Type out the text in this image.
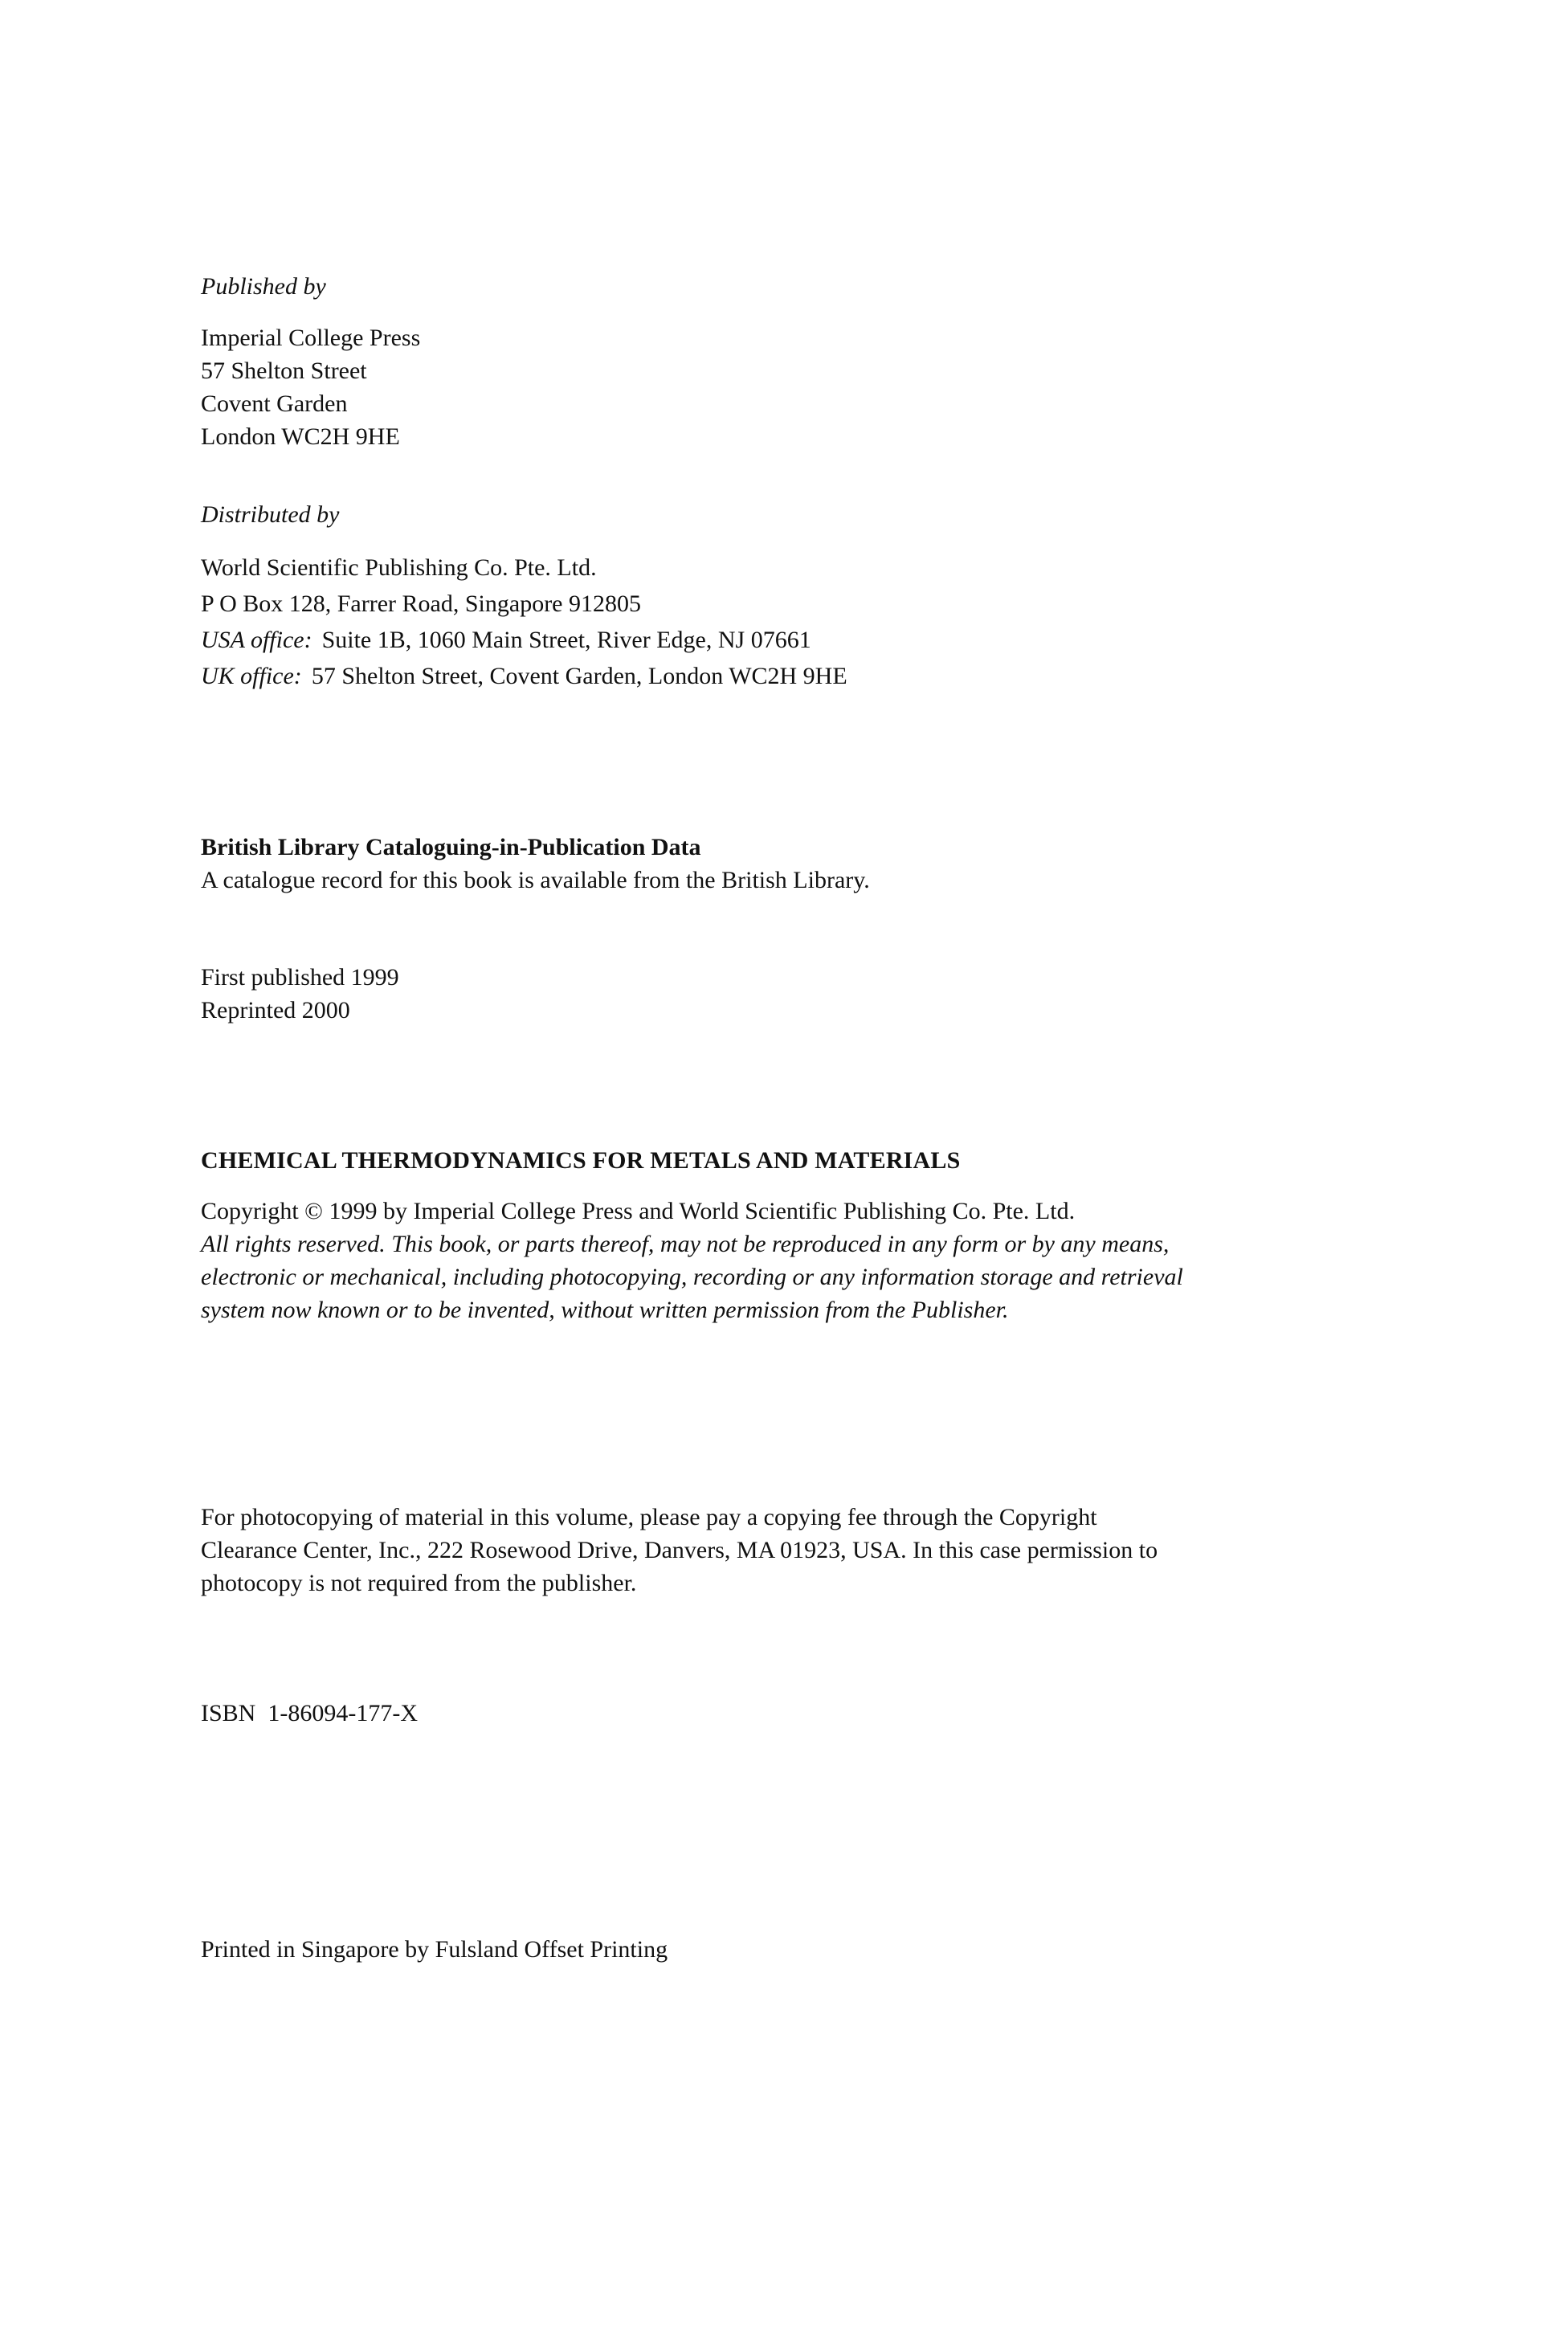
Published by
Imperial College Press
57 Shelton Street
Covent Garden
London WC2H 9HE
Distributed by
World Scientific Publishing Co. Pte. Ltd.
P O Box 128, Farrer Road, Singapore 912805
USA office: Suite 1B, 1060 Main Street, River Edge, NJ 07661
UK office: 57 Shelton Street, Covent Garden, London WC2H 9HE
British Library Cataloguing-in-Publication Data
A catalogue record for this book is available from the British Library.
First published 1999
Reprinted 2000
CHEMICAL THERMODYNAMICS FOR METALS AND MATERIALS
Copyright © 1999 by Imperial College Press and World Scientific Publishing Co. Pte. Ltd.
All rights reserved. This book, or parts thereof, may not be reproduced in any form or by any means,
electronic or mechanical, including photocopying, recording or any information storage and retrieval
system now known or to be invented, without written permission from the Publisher.
For photocopying of material in this volume, please pay a copying fee through the Copyright
Clearance Center, Inc., 222 Rosewood Drive, Danvers, MA 01923, USA. In this case permission to
photocopy is not required from the publisher.
ISBN  1-86094-177-X
Printed in Singapore by Fulsland Offset Printing
